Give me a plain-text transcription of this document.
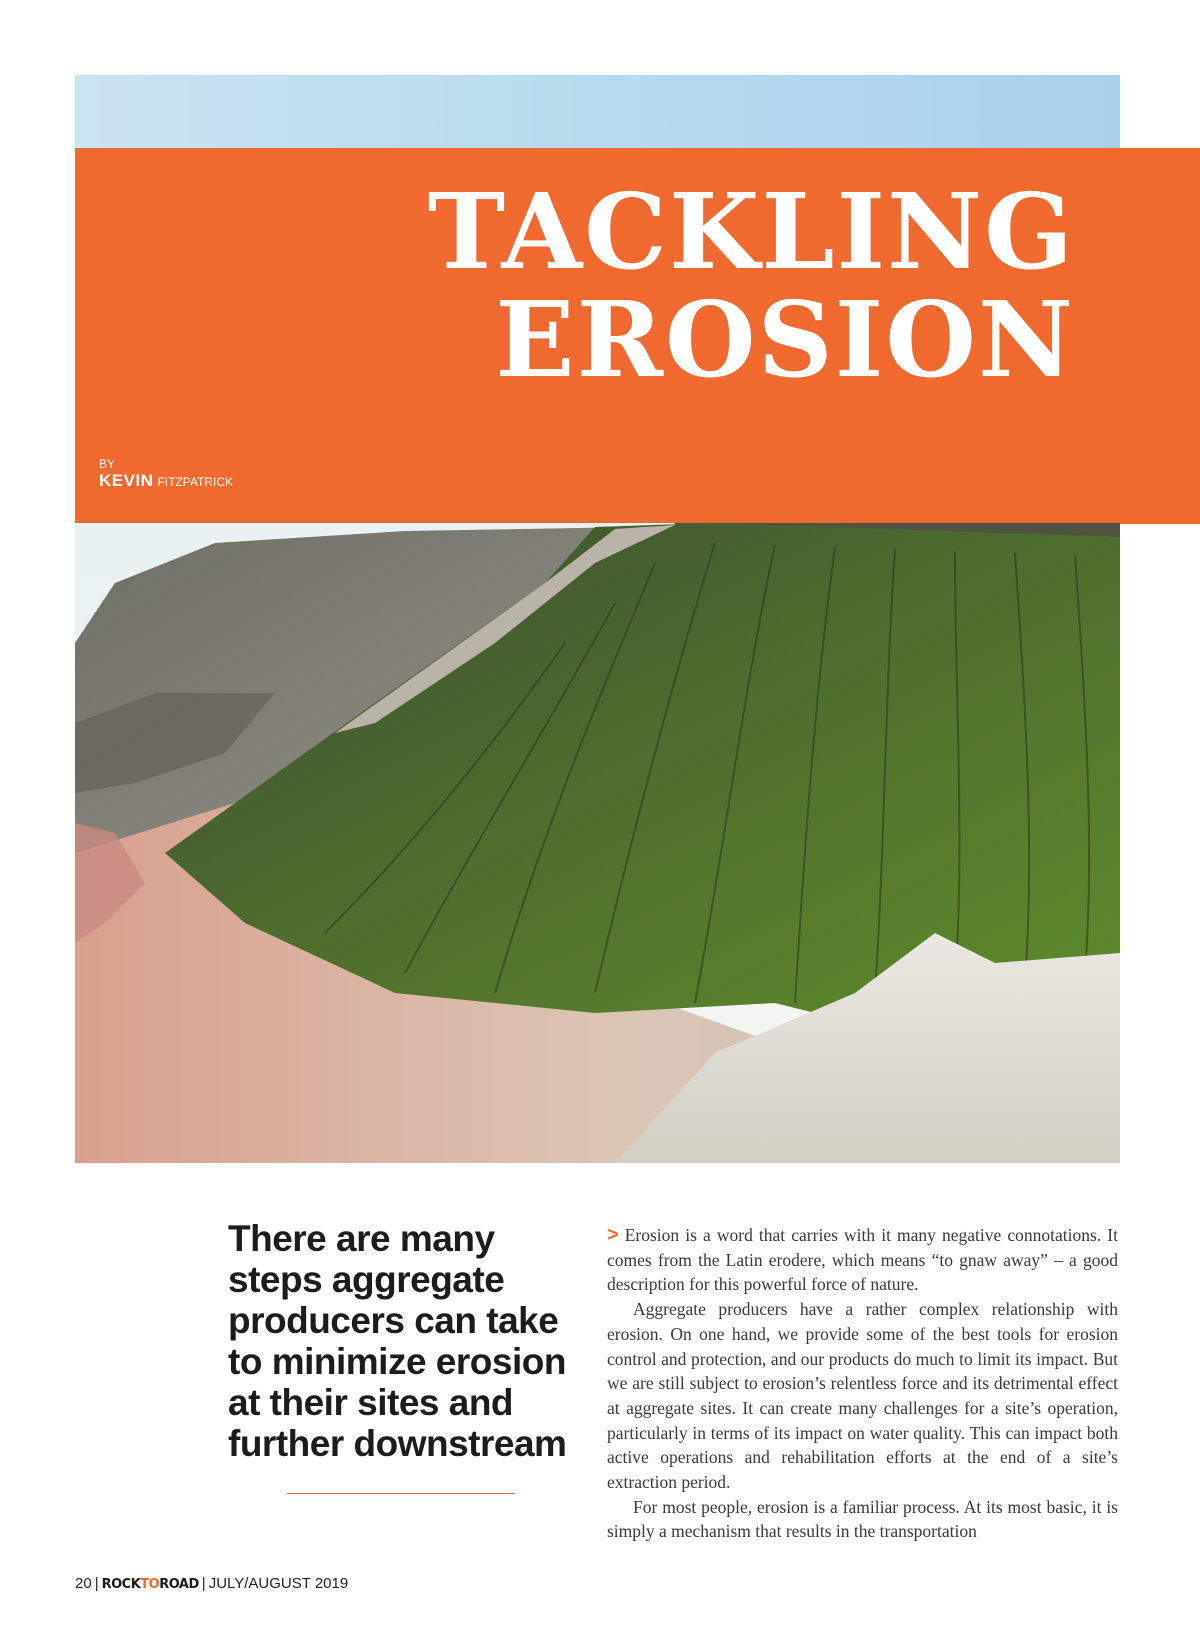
TACKLING
EROSION
BY
KEVIN FITZPATRICK

There are many steps aggregate producers can take to minimize erosion at their sites and further downstream

> Erosion is a word that carries with it many negative connotations. It comes from the Latin erodere, which means “to gnaw away” – a good description for this powerful force of nature.

Aggregate producers have a rather complex relationship with erosion. On one hand, we provide some of the best tools for erosion control and protection, and our products do much to limit its impact. But we are still subject to erosion’s relentless force and its detrimental effect at aggregate sites. It can create many challenges for a site’s operation, particularly in terms of its impact on water quality. This can impact both active operations and rehabilitation efforts at the end of a site’s extraction period.

For most people, erosion is a familiar process. At its most basic, it is simply a mechanism that results in the transportation

20 | ROCKTOROAD | JULY/AUGUST 2019
